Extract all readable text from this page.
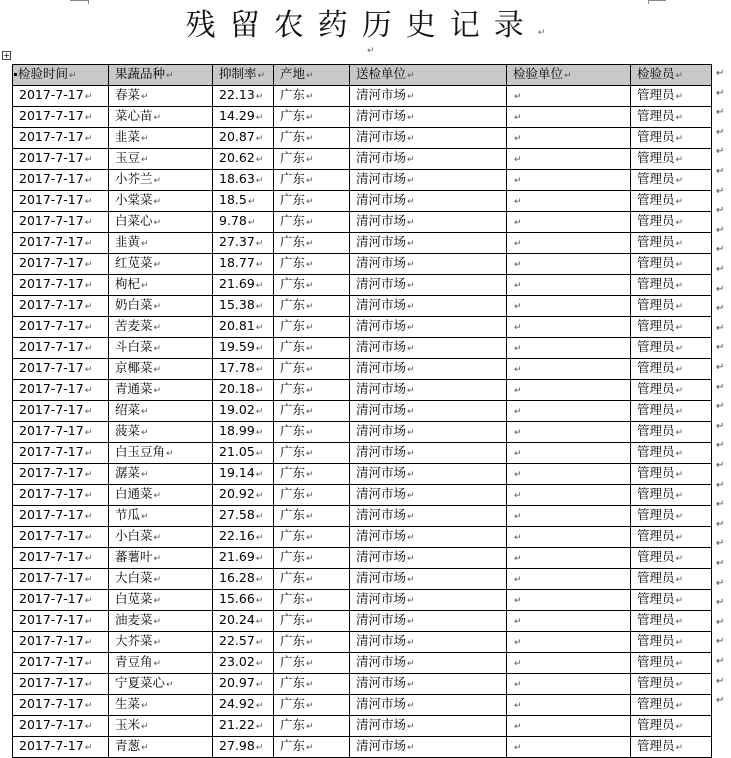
残留农药历史记录↵
↵
+
检验时间↵	果蔬品种↵	抑制率↵	产地↵	送检单位↵	检验单位↵	检验员↵
2017-7-17↵	春菜↵	22.13↵	广东↵	清河市场↵	↵	管理员↵
2017-7-17↵	菜心苗↵	14.29↵	广东↵	清河市场↵	↵	管理员↵
2017-7-17↵	韭菜↵	20.87↵	广东↵	清河市场↵	↵	管理员↵
2017-7-17↵	玉豆↵	20.62↵	广东↵	清河市场↵	↵	管理员↵
2017-7-17↵	小芥兰↵	18.63↵	广东↵	清河市场↵	↵	管理员↵
2017-7-17↵	小棠菜↵	18.5↵	广东↵	清河市场↵	↵	管理员↵
2017-7-17↵	白菜心↵	9.78↵	广东↵	清河市场↵	↵	管理员↵
2017-7-17↵	韭黄↵	27.37↵	广东↵	清河市场↵	↵	管理员↵
2017-7-17↵	红苋菜↵	18.77↵	广东↵	清河市场↵	↵	管理员↵
2017-7-17↵	枸杞↵	21.69↵	广东↵	清河市场↵	↵	管理员↵
2017-7-17↵	奶白菜↵	15.38↵	广东↵	清河市场↵	↵	管理员↵
2017-7-17↵	苦麦菜↵	20.81↵	广东↵	清河市场↵	↵	管理员↵
2017-7-17↵	斗白菜↵	19.59↵	广东↵	清河市场↵	↵	管理员↵
2017-7-17↵	京椰菜↵	17.78↵	广东↵	清河市场↵	↵	管理员↵
2017-7-17↵	青通菜↵	20.18↵	广东↵	清河市场↵	↵	管理员↵
2017-7-17↵	绍菜↵	19.02↵	广东↵	清河市场↵	↵	管理员↵
2017-7-17↵	菠菜↵	18.99↵	广东↵	清河市场↵	↵	管理员↵
2017-7-17↵	白玉豆角↵	21.05↵	广东↵	清河市场↵	↵	管理员↵
2017-7-17↵	潺菜↵	19.14↵	广东↵	清河市场↵	↵	管理员↵
2017-7-17↵	白通菜↵	20.92↵	广东↵	清河市场↵	↵	管理员↵
2017-7-17↵	节瓜↵	27.58↵	广东↵	清河市场↵	↵	管理员↵
2017-7-17↵	小白菜↵	22.16↵	广东↵	清河市场↵	↵	管理员↵
2017-7-17↵	蕃薯叶↵	21.69↵	广东↵	清河市场↵	↵	管理员↵
2017-7-17↵	大白菜↵	16.28↵	广东↵	清河市场↵	↵	管理员↵
2017-7-17↵	白苋菜↵	15.66↵	广东↵	清河市场↵	↵	管理员↵
2017-7-17↵	油麦菜↵	20.24↵	广东↵	清河市场↵	↵	管理员↵
2017-7-17↵	大芥菜↵	22.57↵	广东↵	清河市场↵	↵	管理员↵
2017-7-17↵	青豆角↵	23.02↵	广东↵	清河市场↵	↵	管理员↵
2017-7-17↵	宁夏菜心↵	20.97↵	广东↵	清河市场↵	↵	管理员↵
2017-7-17↵	生菜↵	24.92↵	广东↵	清河市场↵	↵	管理员↵
2017-7-17↵	玉米↵	21.22↵	广东↵	清河市场↵	↵	管理员↵
2017-7-17↵	青葱↵	27.98↵	广东↵	清河市场↵	↵	管理员↵
↵
↵
↵
↵
↵
↵
↵
↵
↵
↵
↵
↵
↵
↵
↵
↵
↵
↵
↵
↵
↵
↵
↵
↵
↵
↵
↵
↵
↵
↵
↵
↵
↵
